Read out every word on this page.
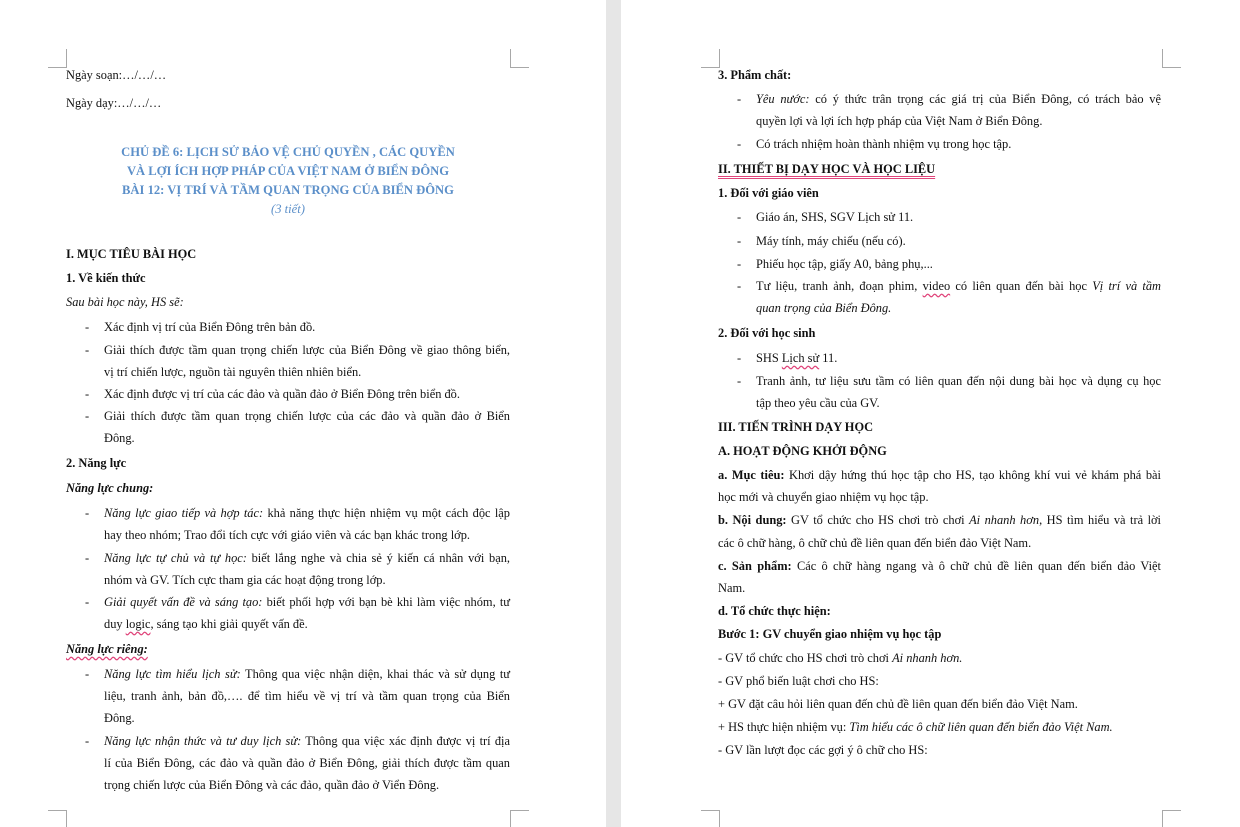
Ngày soạn:…/…/…
Ngày dạy:…/…/…
CHỦ ĐỀ 6: LỊCH SỬ BẢO VỆ CHỦ QUYỀN , CÁC QUYỀN
VÀ LỢI ÍCH HỢP PHÁP CỦA VIỆT NAM Ở BIỂN ĐÔNG
BÀI 12: VỊ TRÍ VÀ TẦM QUAN TRỌNG CỦA BIỂN ĐÔNG
(3 tiết)
I. MỤC TIÊU BÀI HỌC
1. Về kiến thức
Sau bài học này, HS sẽ:
- Xác định vị trí của Biển Đông trên bản đồ.
- Giải thích được tầm quan trọng chiến lược của Biển Đông về giao thông biển,
vị trí chiến lược, nguồn tài nguyên thiên nhiên biển.
- Xác định được vị trí của các đảo và quần đảo ở Biển Đông trên biển đồ.
- Giải thích được tầm quan trọng chiến lược của các đảo và quần đảo ở Biển
Đông.
2. Năng lực
Năng lực chung:
- Năng lực giao tiếp và hợp tác: khả năng thực hiện nhiệm vụ một cách độc lập
hay theo nhóm; Trao đổi tích cực với giáo viên và các bạn khác trong lớp.
- Năng lực tự chủ và tự học: biết lắng nghe và chia sẻ ý kiến cá nhân với bạn,
nhóm và GV. Tích cực tham gia các hoạt động trong lớp.
- Giải quyết vấn đề và sáng tạo: biết phối hợp với bạn bè khi làm việc nhóm, tư
duy logic, sáng tạo khi giải quyết vấn đề.
Năng lực riêng:
- Năng lực tìm hiểu lịch sử: Thông qua việc nhận diện, khai thác và sử dụng tư
liệu, tranh ảnh, bản đồ,…. để tìm hiểu về vị trí và tầm quan trọng của Biển
Đông.
- Năng lực nhận thức và tư duy lịch sử: Thông qua việc xác định được vị trí địa
lí của Biển Đông, các đảo và quần đảo ở Biển Đông, giải thích được tầm quan
trọng chiến lược của Biển Đông và các đảo, quần đảo ở Viển Đông.
3. Phẩm chất:
- Yêu nước: có ý thức trân trọng các giá trị của Biển Đông, có trách bảo vệ
quyền lợi và lợi ích hợp pháp của Việt Nam ở Biển Đông.
- Có trách nhiệm hoàn thành nhiệm vụ trong học tập.
II. THIẾT BỊ DẠY HỌC VÀ HỌC LIỆU
1. Đối với giáo viên
- Giáo án, SHS, SGV Lịch sử 11.
- Máy tính, máy chiếu (nếu có).
- Phiếu học tập, giấy A0, bảng phụ,...
- Tư liệu, tranh ảnh, đoạn phim, video có liên quan đến bài học Vị trí và tầm
quan trọng của Biển Đông.
2. Đối với học sinh
- SHS Lịch sử 11.
- Tranh ảnh, tư liệu sưu tầm có liên quan đến nội dung bài học và dụng cụ học
tập theo yêu cầu của GV.
III. TIẾN TRÌNH DẠY HỌC
A. HOẠT ĐỘNG KHỞI ĐỘNG
a. Mục tiêu: Khơi dậy hứng thú học tập cho HS, tạo không khí vui vẻ khám phá bài
học mới và chuyển giao nhiệm vụ học tập.
b. Nội dung: GV tổ chức cho HS chơi trò chơi Ai nhanh hơn, HS tìm hiểu và trả lời
các ô chữ hàng, ô chữ chủ đề liên quan đến biển đảo Việt Nam.
c. Sản phẩm: Các ô chữ hàng ngang và ô chữ chủ đề liên quan đến biển đảo Việt
Nam.
d. Tổ chức thực hiện:
Bước 1: GV chuyển giao nhiệm vụ học tập
- GV tổ chức cho HS chơi trò chơi Ai nhanh hơn.
- GV phổ biến luật chơi cho HS:
+ GV đặt câu hỏi liên quan đến chủ đề liên quan đến biển đảo Việt Nam.
+ HS thực hiện nhiệm vụ: Tìm hiểu các ô chữ liên quan đến biển đảo Việt Nam.
- GV lần lượt đọc các gợi ý ô chữ cho HS:
